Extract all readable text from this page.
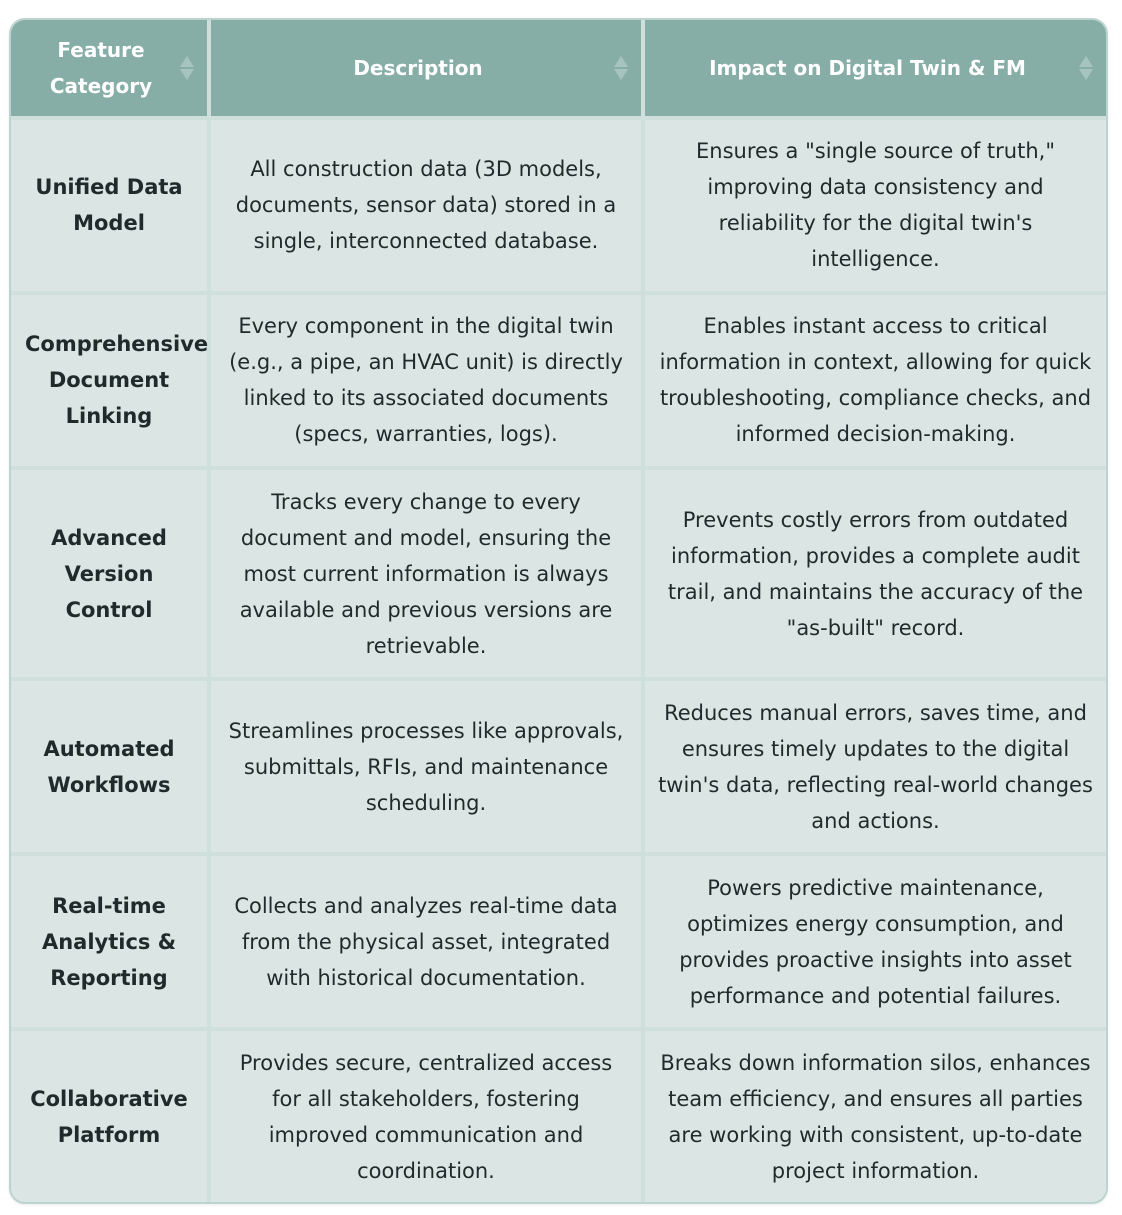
Feature Category	Description	Impact on Digital Twin & FM

Unified Data Model	All construction data (3D models, documents, sensor data) stored in a single, interconnected database.	Ensures a "single source of truth," improving data consistency and reliability for the digital twin's intelligence.
Comprehensive Document Linking	Every component in the digital twin (e.g., a pipe, an HVAC unit) is directly linked to its associated documents (specs, warranties, logs).	Enables instant access to critical information in context, allowing for quick troubleshooting, compliance checks, and informed decision-making.
Advanced Version Control	Tracks every change to every document and model, ensuring the most current information is always available and previous versions are retrievable.	Prevents costly errors from outdated information, provides a complete audit trail, and maintains the accuracy of the "as-built" record.
Automated Workflows	Streamlines processes like approvals, submittals, RFIs, and maintenance scheduling.	Reduces manual errors, saves time, and ensures timely updates to the digital twin's data, reflecting real-world changes and actions.
Real-time Analytics & Reporting	Collects and analyzes real-time data from the physical asset, integrated with historical documentation.	Powers predictive maintenance, optimizes energy consumption, and provides proactive insights into asset performance and potential failures.
Collaborative Platform	Provides secure, centralized access for all stakeholders, fostering improved communication and coordination.	Breaks down information silos, enhances team efficiency, and ensures all parties are working with consistent, up-to-date project information.
